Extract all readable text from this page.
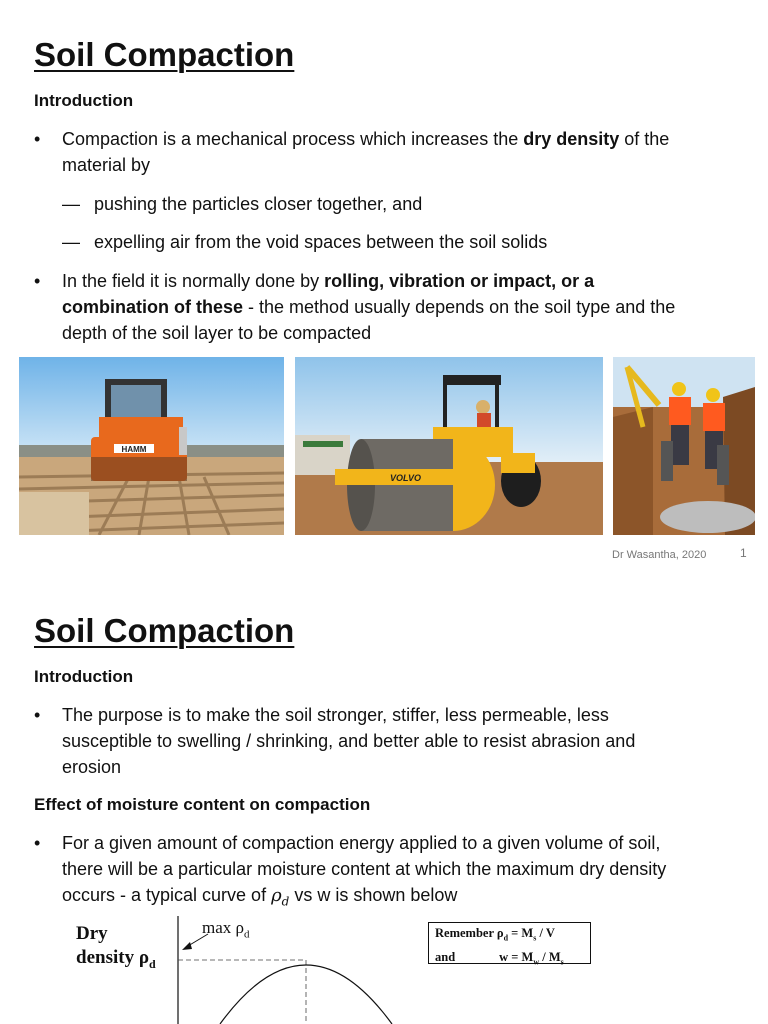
Soil Compaction
Introduction
• Compaction is a mechanical process which increases the dry density of the
material by
— pushing the particles closer together, and
— expelling air from the void spaces between the soil solids
• In the field it is normally done by rolling, vibration or impact, or a
combination of these - the method usually depends on the soil type and the
depth of the soil layer to be compacted
HAMM
VOLVO
Dr Wasantha, 2020	1
Soil Compaction
Introduction
• The purpose is to make the soil stronger, stiffer, less permeable, less
susceptible to swelling / shrinking, and better able to resist abrasion and
erosion
Effect of moisture content on compaction
• For a given amount of compaction energy applied to a given volume of soil,
there will be a particular moisture content at which the maximum dry density
occurs - a typical curve of $\rho_d$ vs w is shown below
Dry
density $\rho_d$
$\max \rho_d$	Remember $\rho_d = M_s / V$
and	$w = M_w / M_s$
